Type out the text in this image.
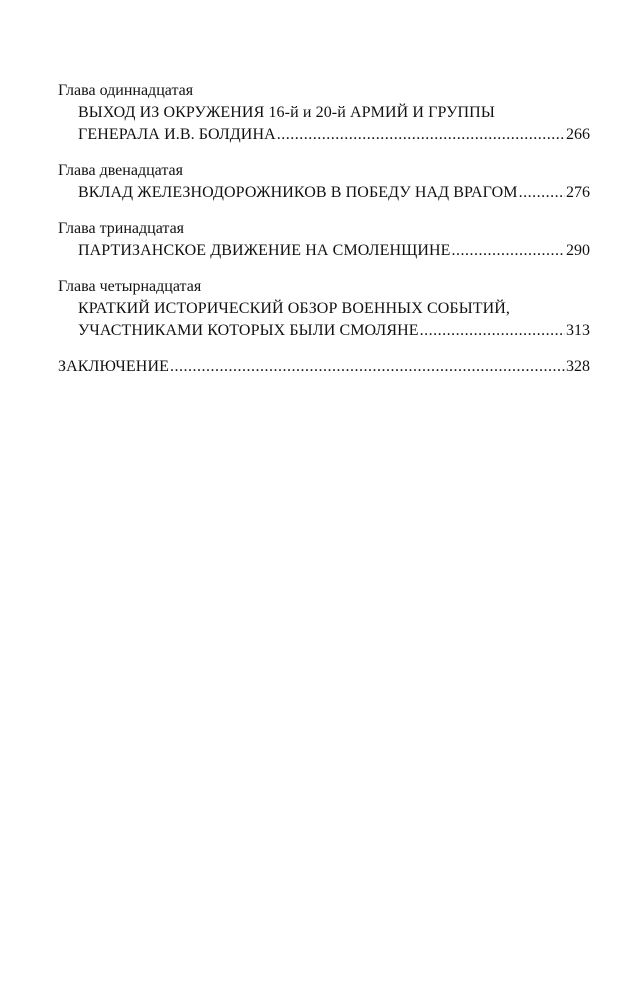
Глава одиннадцатая
ВЫХОД ИЗ ОКРУЖЕНИЯ 16-й и 20-й АРМИЙ И ГРУППЫ
ГЕНЕРАЛА И.В. БОЛДИНА .....	266
Глава двенадцатая
ВКЛАД ЖЕЛЕЗНОДОРОЖНИКОВ В ПОБЕДУ НАД ВРАГОМ .....	276
Глава тринадцатая
ПАРТИЗАНСКОЕ ДВИЖЕНИЕ НА СМОЛЕНЩИНЕ .....	290
Глава четырнадцатая
КРАТКИЙ ИСТОРИЧЕСКИЙ ОБЗОР ВОЕННЫХ СОБЫТИЙ,
УЧАСТНИКАМИ КОТОРЫХ БЫЛИ СМОЛЯНЕ .....	313
ЗАКЛЮЧЕНИЕ .....	328
